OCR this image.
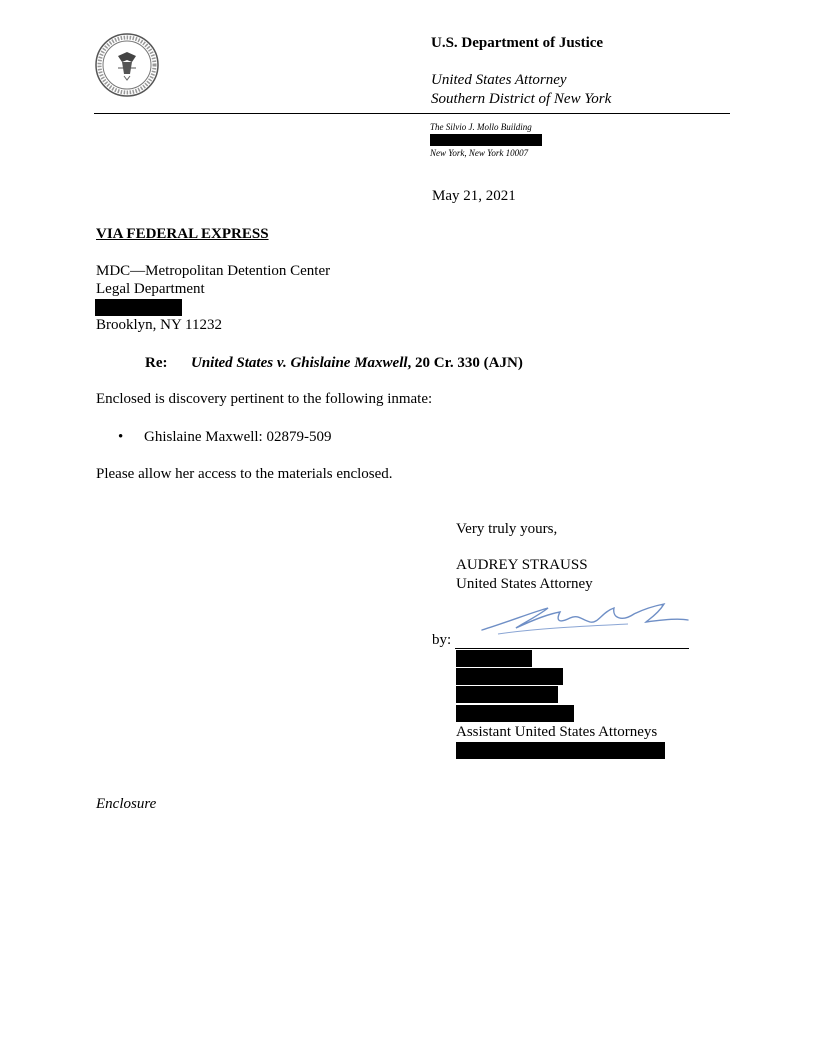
U.S. Department of Justice
United States Attorney
Southern District of New York
The Silvio J. Mollo Building
New York, New York 10007
May 21, 2021
VIA FEDERAL EXPRESS
MDC—Metropolitan Detention Center
Legal Department
Brooklyn, NY 11232
Re: United States v. Ghislaine Maxwell, 20 Cr. 330 (AJN)
Enclosed is discovery pertinent to the following inmate:
• Ghislaine Maxwell: 02879-509
Please allow her access to the materials enclosed.
Very truly yours,
AUDREY STRAUSS
United States Attorney
by:
Assistant United States Attorneys
Enclosure
